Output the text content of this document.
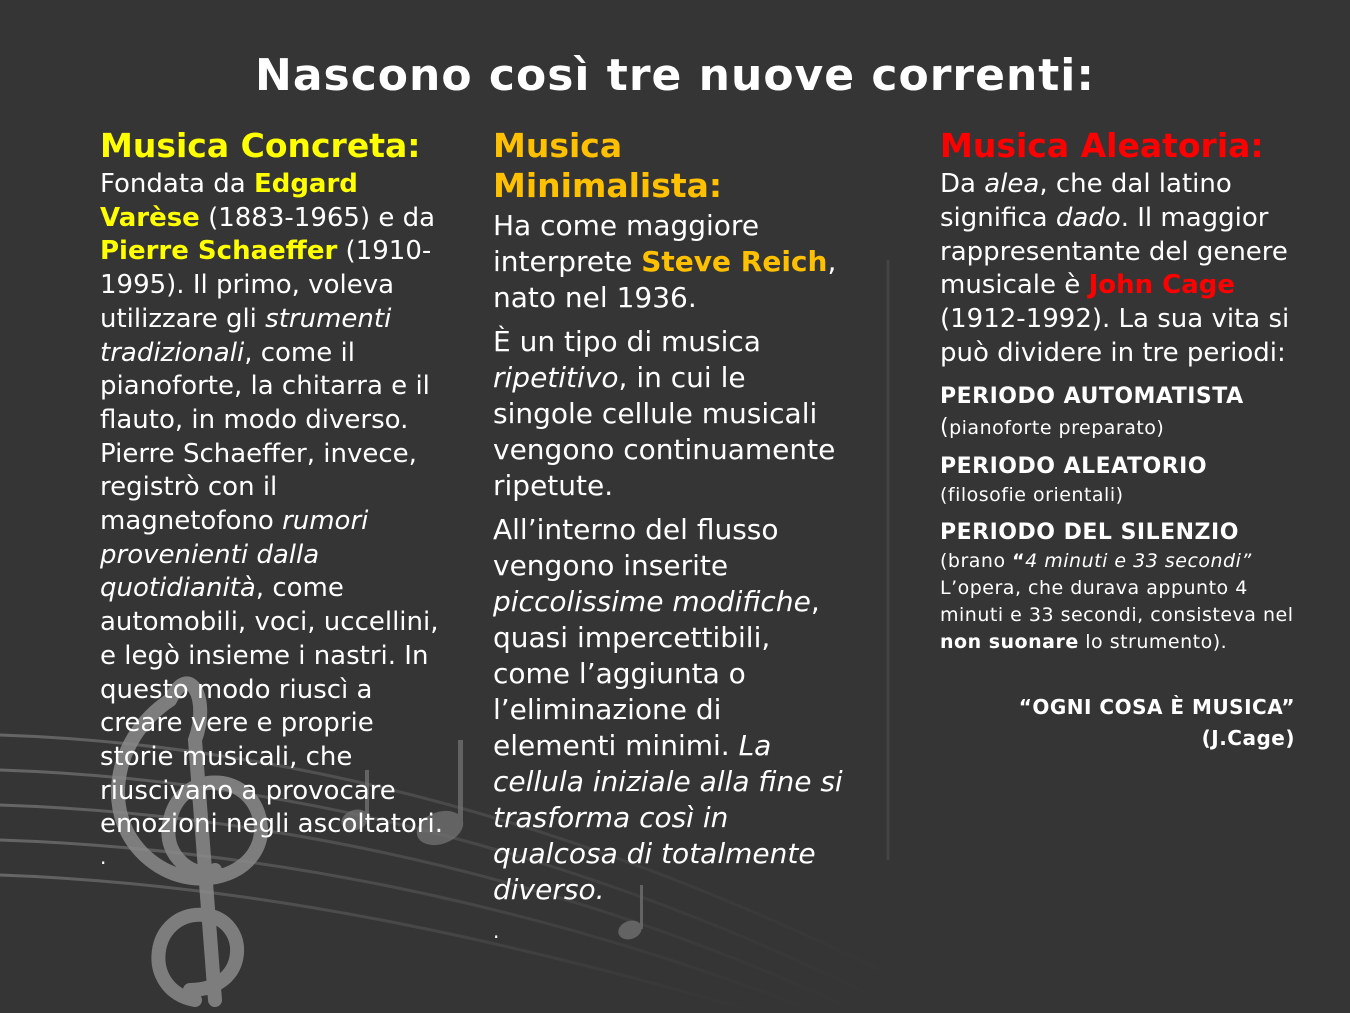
Nascono così tre nuove correnti:
Musica Concreta:

Fondata da Edgard Varèse (1883-1965) e da Pierre Schaeffer (1910-1995). Il primo, voleva utilizzare gli strumenti tradizionali, come il pianoforte, la chitarra e il flauto, in modo diverso. Pierre Schaeffer, invece, registrò con il magnetofono rumori provenienti dalla quotidianità, come automobili, voci, uccellini, e legò insieme i nastri. In questo modo riuscì a creare vere e proprie storie musicali, che riuscivano a provocare emozioni negli ascoltatori.

.
Musica Minimalista:

Ha come maggiore interprete Steve Reich, nato nel 1936.

È un tipo di musica ripetitivo, in cui le singole cellule musicali vengono continuamente ripetute.

All’interno del flusso vengono inserite piccolissime modifiche, quasi impercettibili, come l’aggiunta o l’eliminazione di elementi minimi. La cellula iniziale alla fine si trasforma così in qualcosa di totalmente diverso.

.
Musica Aleatoria:

Da alea, che dal latino significa dado. Il maggior rappresentante del genere musicale è John Cage (1912-1992). La sua vita si può dividere in tre periodi:

PERIODO AUTOMATISTA (pianoforte preparato)
PERIODO ALEATORIO
(filosofie orientali)
PERIODO DEL SILENZIO
(brano “4 minuti e 33 secondi” L’opera, che durava appunto 4 minuti e 33 secondi, consisteva nel non suonare lo strumento).
“OGNI COSA È MUSICA”
(J.Cage)
